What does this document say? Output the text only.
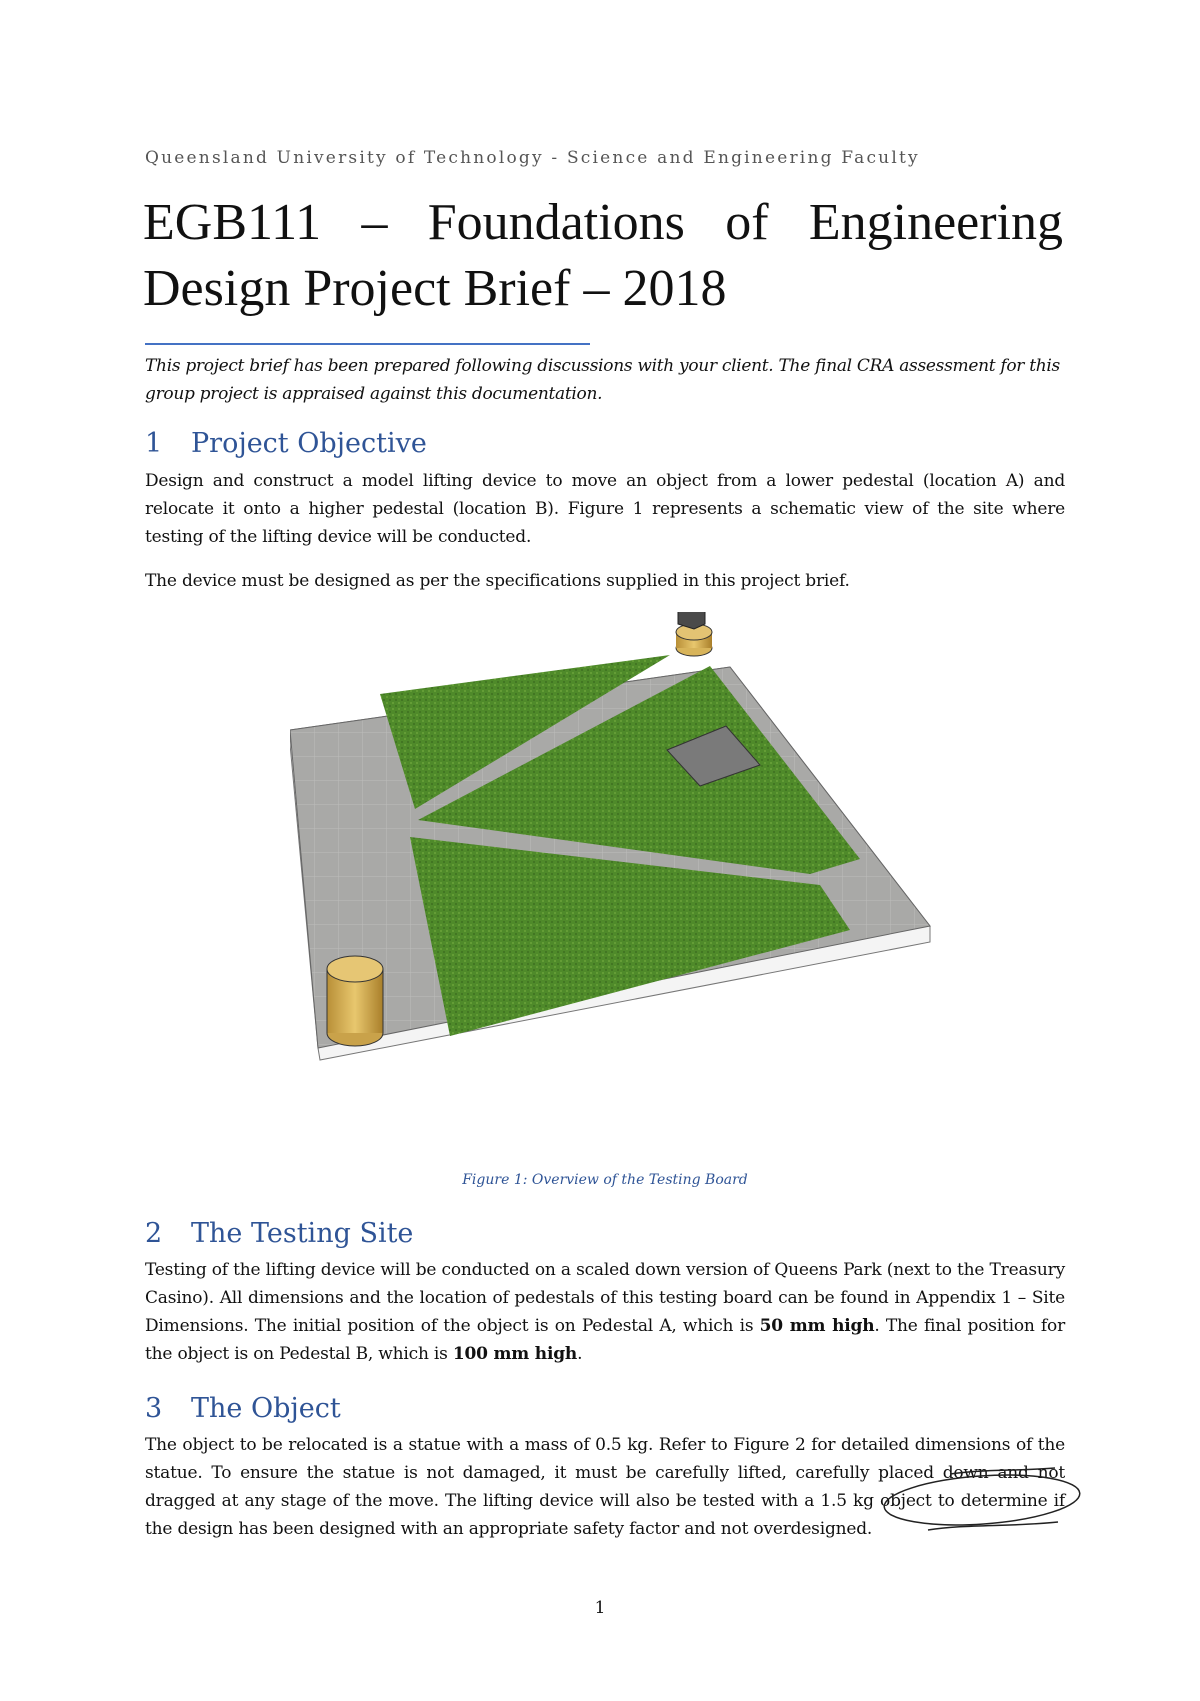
Queensland University of Technology - Science and Engineering Faculty
EGB111 – Foundations of Engineering
Design Project Brief – 2018
This project brief has been prepared following discussions with your client. The final CRA assessment for this group project is appraised against this documentation.
1 Project Objective
Design and construct a model lifting device to move an object from a lower pedestal (location A) and relocate it onto a higher pedestal (location B). Figure 1 represents a schematic view of the site where testing of the lifting device will be conducted.
The device must be designed as per the specifications supplied in this project brief.
Figure 1: Overview of the Testing Board
2 The Testing Site
Testing of the lifting device will be conducted on a scaled down version of Queens Park (next to the Treasury Casino). All dimensions and the location of pedestals of this testing board can be found in Appendix 1 – Site Dimensions. The initial position of the object is on Pedestal A, which is 50 mm high. The final position for the object is on Pedestal B, which is 100 mm high.
3 The Object
The object to be relocated is a statue with a mass of 0.5 kg. Refer to Figure 2 for detailed dimensions of the statue. To ensure the statue is not damaged, it must be carefully lifted, carefully placed down and not dragged at any stage of the move. The lifting device will also be tested with a 1.5 kg object to determine if the design has been designed with an appropriate safety factor and not overdesigned.
1
